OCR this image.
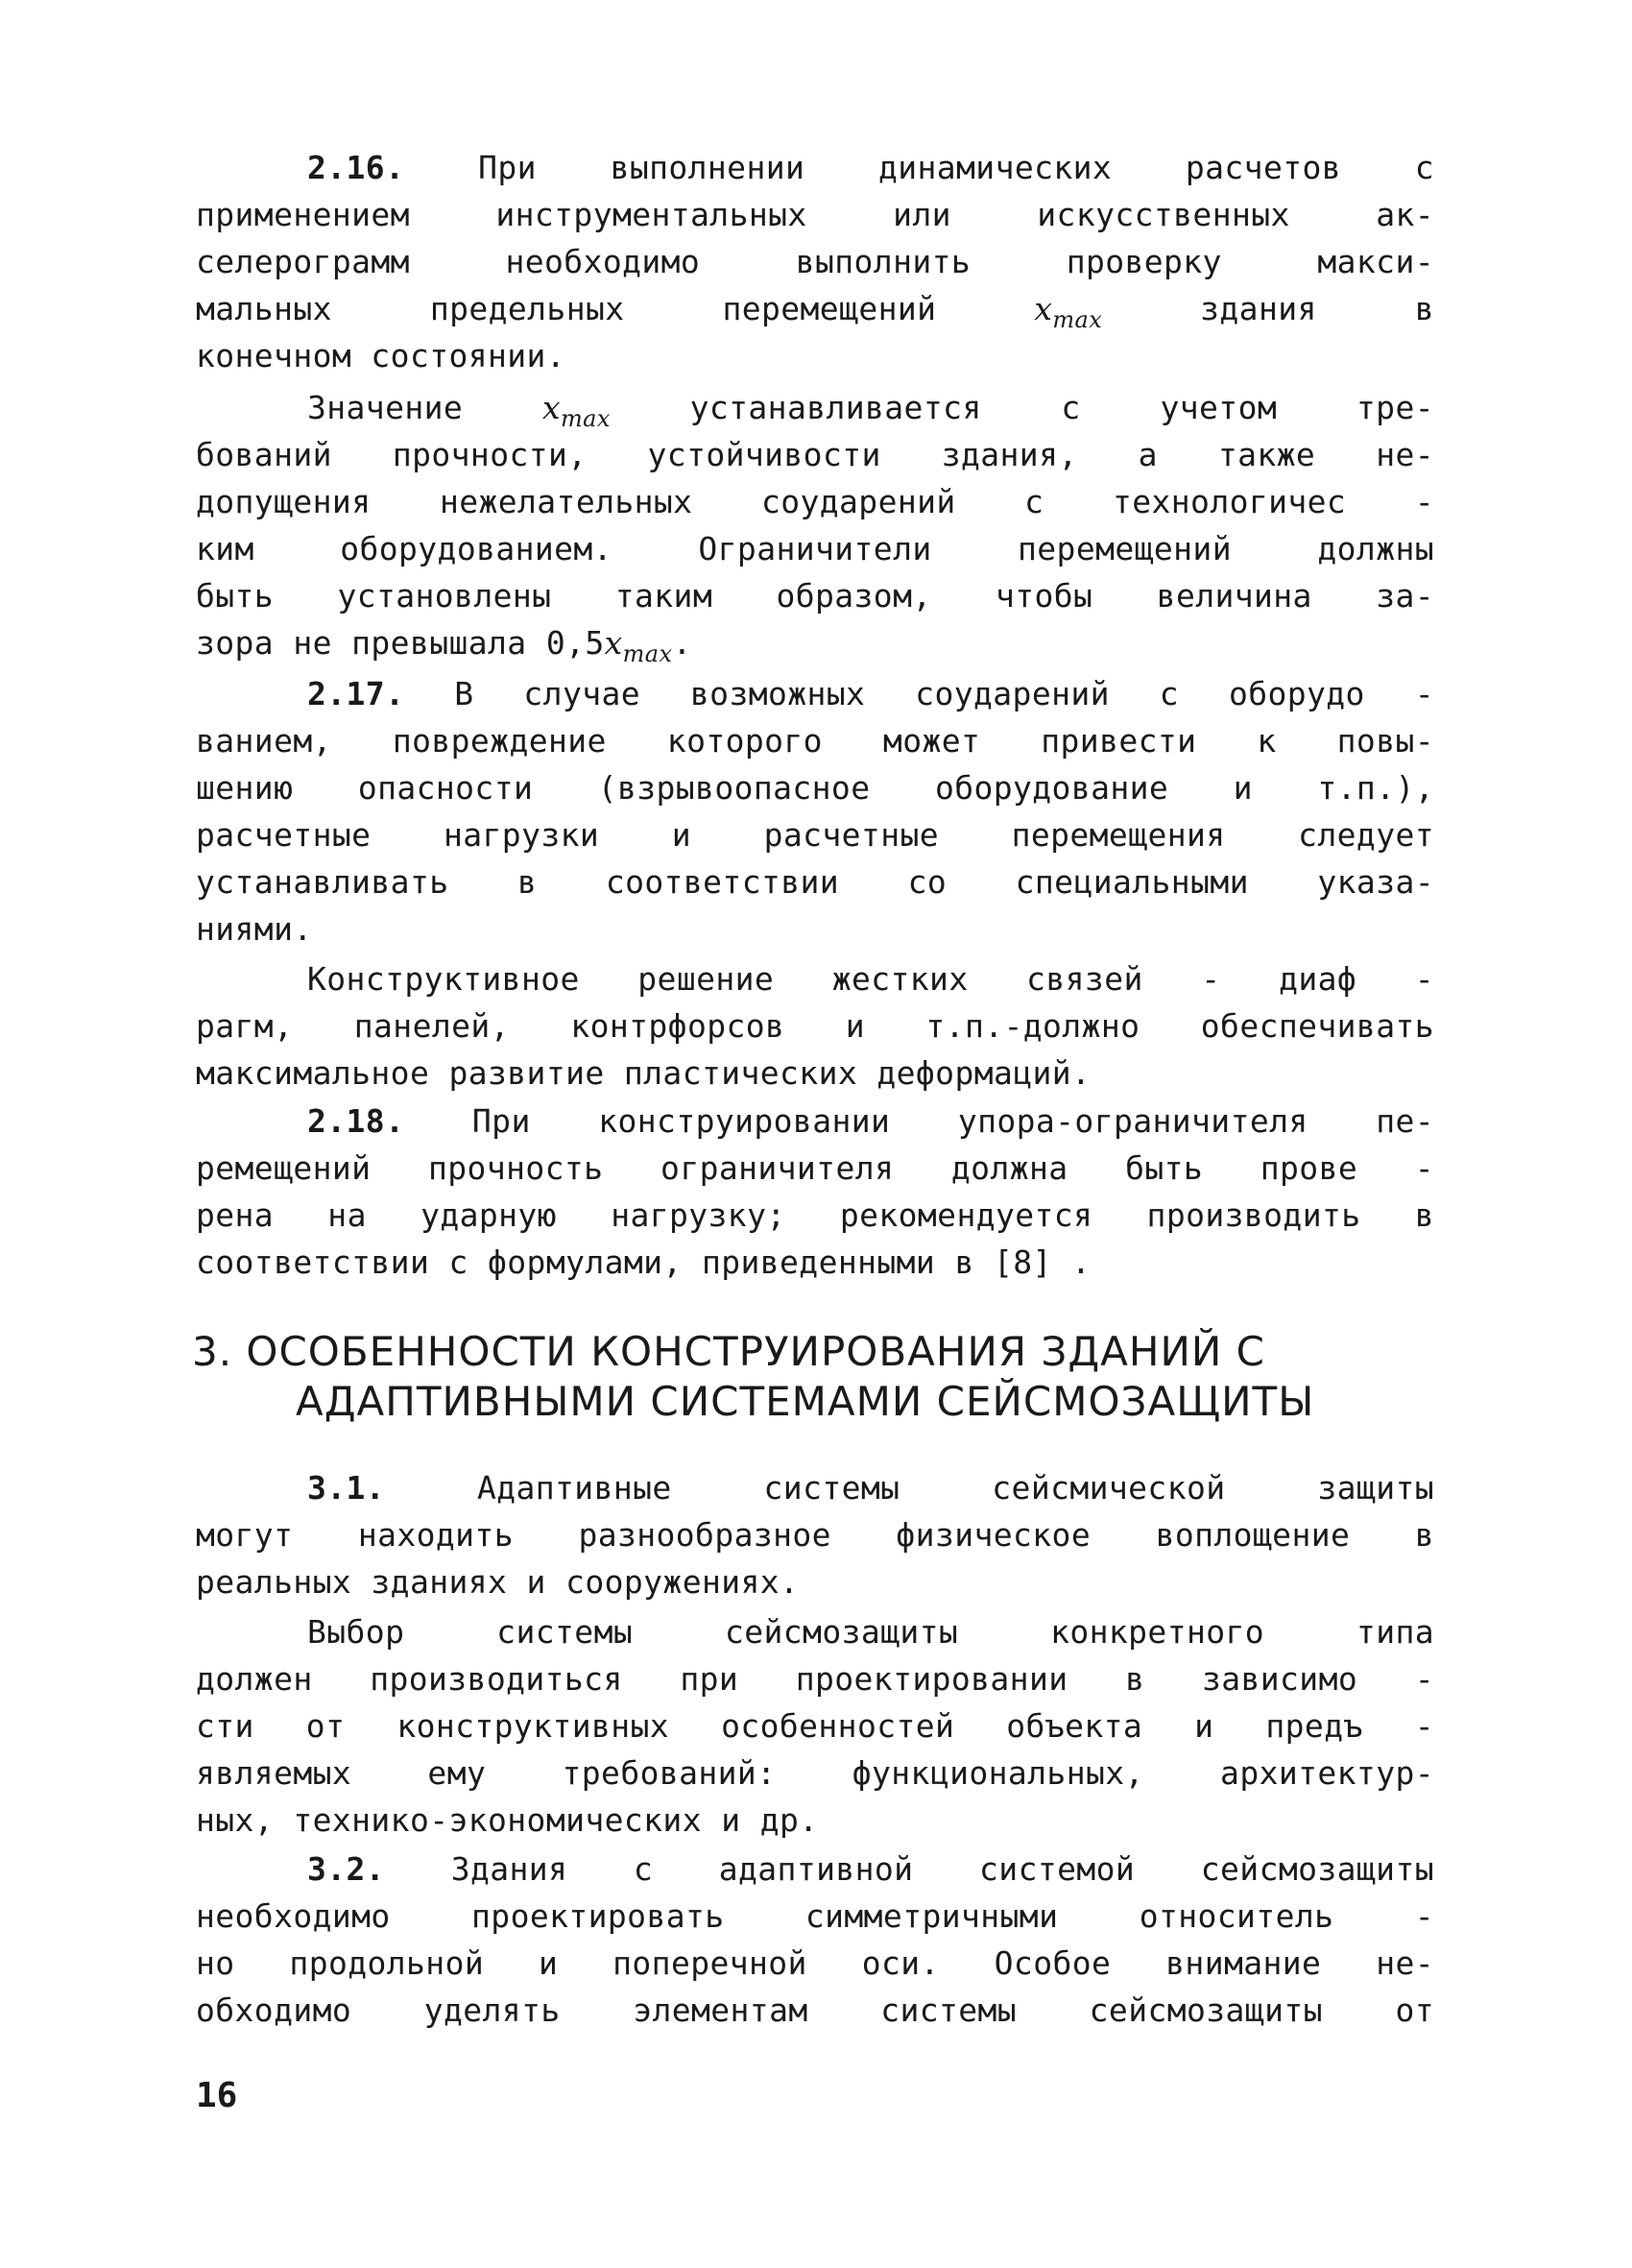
2.16. При выполнении динамических расчетов с
применением инструментальных или искусственных ак-
селерограмм необходимо выполнить проверку макси-
мальных предельных перемещений	$x_{max}$	здания в
конечном состоянии.
Значение	$x_{max}$	устанавливается с учетом тре-
бований прочности, устойчивости здания, а также не-
допущения нежелательных соударений с технологичес -
ким оборудованием. Ограничители перемещений должны
быть установлены таким образом, чтобы величина за-
зора не превышала $0,5x_{max}$.
2.17. В случае возможных соударений с оборудо -
ванием, повреждение которого может привести к повы-
шению опасности (взрывоопасное оборудование и т.п.),
расчетные нагрузки и расчетные перемещения следует
устанавливать в соответствии со специальными указа-
ниями.
Конструктивное решение жестких связей - диаф -
рагм, панелей, контрфорсов и т.п.-должно обеспечивать
максимальное развитие пластических деформаций.
2.18. При конструировании упора-ограничителя пе-
ремещений прочность ограничителя должна быть прове -
рена на ударную нагрузку; рекомендуется производить в
соответствии с формулами, приведенными в [8] .
3. ОСОБЕННОСТИ КОНСТРУИРОВАНИЯ ЗДАНИЙ С
АДАПТИВНЫМИ СИСТЕМАМИ СЕЙСМОЗАЩИТЫ
3.1.	Адаптивные системы сейсмической защиты
могут находить разнообразное физическое воплощение в
реальных зданиях и сооружениях.
Выбор системы сейсмозащиты конкретного типа
должен производиться при проектировании в зависимо -
сти от конструктивных особенностей объекта и предъ -
являемых ему требований: функциональных, архитектур-
ных, технико-экономических и др.
3.2. Здания с адаптивной системой сейсмозащиты
необходимо проектировать симметричными относитель -
но продольной и поперечной оси. Особое внимание не-
обходимо уделять элементам системы сейсмозащиты от
16
